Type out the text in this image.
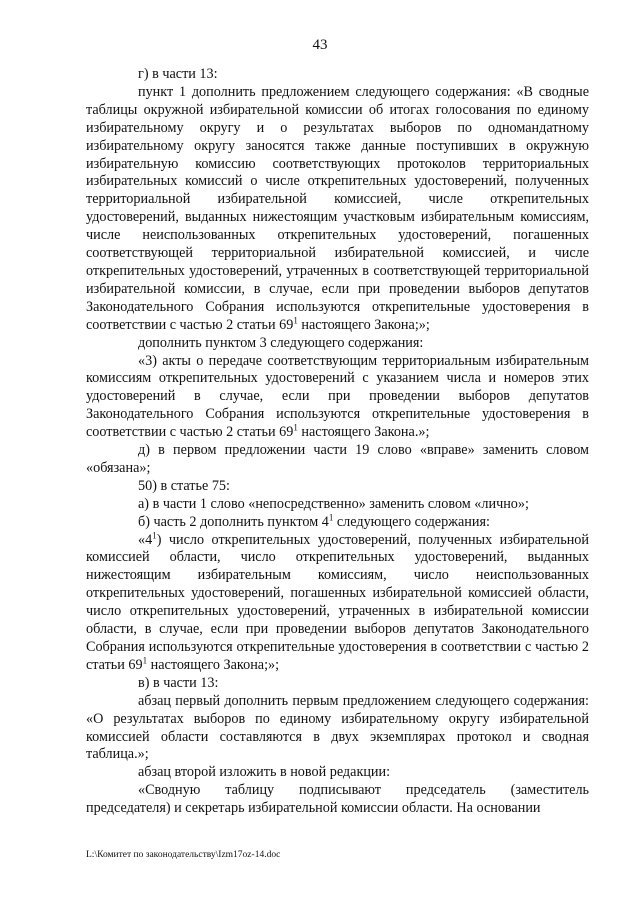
43

г) в части 13:

пункт 1 дополнить предложением следующего содержания: «В сводные таблицы окружной избирательной комиссии об итогах голосования по единому избирательному округу и о результатах выборов по одномандатному избирательному округу заносятся также данные поступивших в окружную избирательную комиссию соответствующих протоколов территориальных избирательных комиссий о числе открепительных удостоверений, полученных территориальной избирательной комиссией, числе открепительных удостоверений, выданных нижестоящим участковым избирательным комиссиям, числе неиспользованных открепительных удостоверений, погашенных соответствующей территориальной избирательной комиссией, и числе открепительных удостоверений, утраченных в соответствующей территориальной избирательной комиссии, в случае, если при проведении выборов депутатов Законодательного Собрания используются открепительные удостоверения в соответствии с частью 2 статьи $69^1$ настоящего Закона;»;

дополнить пунктом 3 следующего содержания:

«3) акты о передаче соответствующим территориальным избирательным комиссиям открепительных удостоверений с указанием числа и номеров этих удостоверений в случае, если при проведении выборов депутатов Законодательного Собрания используются открепительные удостоверения в соответствии с частью 2 статьи $69^1$ настоящего Закона.»;

д) в первом предложении части 19 слово «вправе» заменить словом «обязана»;

50) в статье 75:

а) в части 1 слово «непосредственно» заменить словом «лично»;

б) часть 2 дополнить пунктом $4^1$ следующего содержания:

«$4^1$) число открепительных удостоверений, полученных избирательной комиссией области, число открепительных удостоверений, выданных нижестоящим избирательным комиссиям, число неиспользованных открепительных удостоверений, погашенных избирательной комиссией области, число открепительных удостоверений, утраченных в избирательной комиссии области, в случае, если при проведении выборов депутатов Законодательного Собрания используются открепительные удостоверения в соответствии с частью 2 статьи $69^1$ настоящего Закона;»;

в) в части 13:

абзац первый дополнить первым предложением следующего содержания: «О результатах выборов по единому избирательному округу избирательной комиссией области составляются в двух экземплярах протокол и сводная таблица.»;

абзац второй изложить в новой редакции:

«Сводную таблицу подписывают председатель (заместитель председателя) и секретарь избирательной комиссии области. На основании

L:\Комитет по законодательству\Izm17oz-14.doc
